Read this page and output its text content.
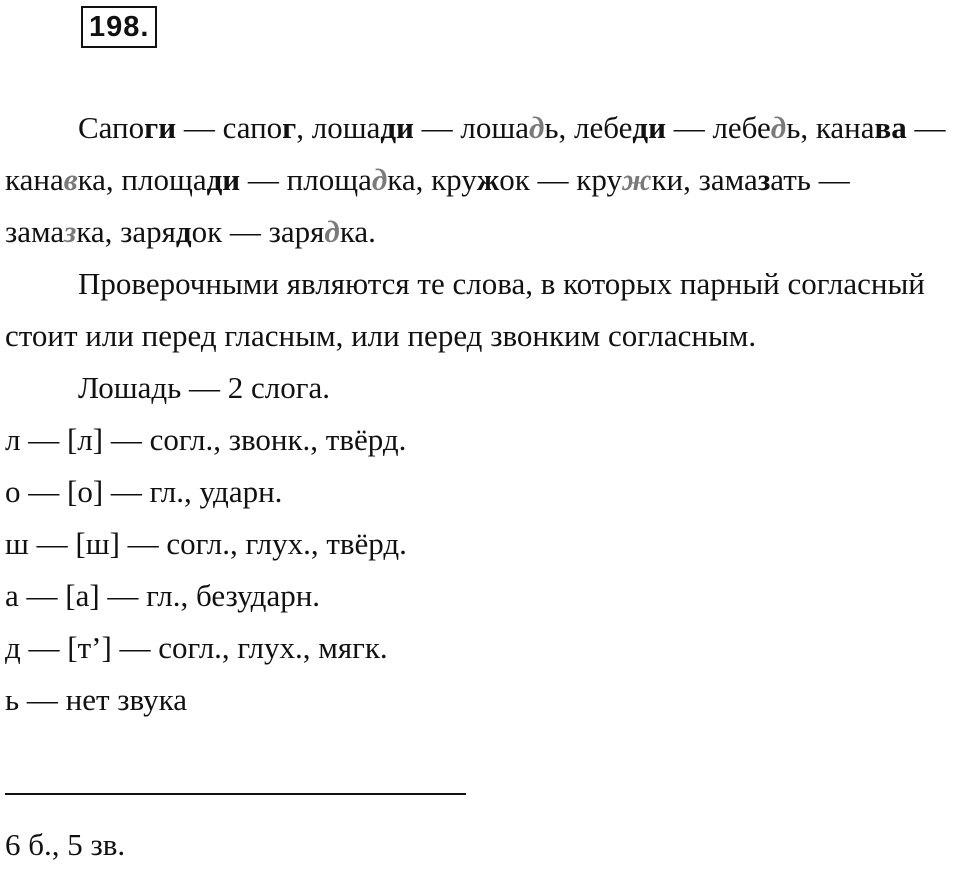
198.

Сапоги — сапог, лошади — лошадь, лебеди — лебедь, канава — канавка, площади — площадка, кружок — кружки, замазать — замазка, зарядок — зарядка.

Проверочными являются те слова, в которых парный согласный стоит или перед гласным, или перед звонким согласным.

Лошадь — 2 слога.

л — [л] — согл., звонк., твёрд.

о — [о] — гл., ударн.

ш — [ш] — согл., глух., твёрд.

а — [а] — гл., безударн.

д — [т’] — согл., глух., мягк.

ь — нет звука

6 б., 5 зв.
